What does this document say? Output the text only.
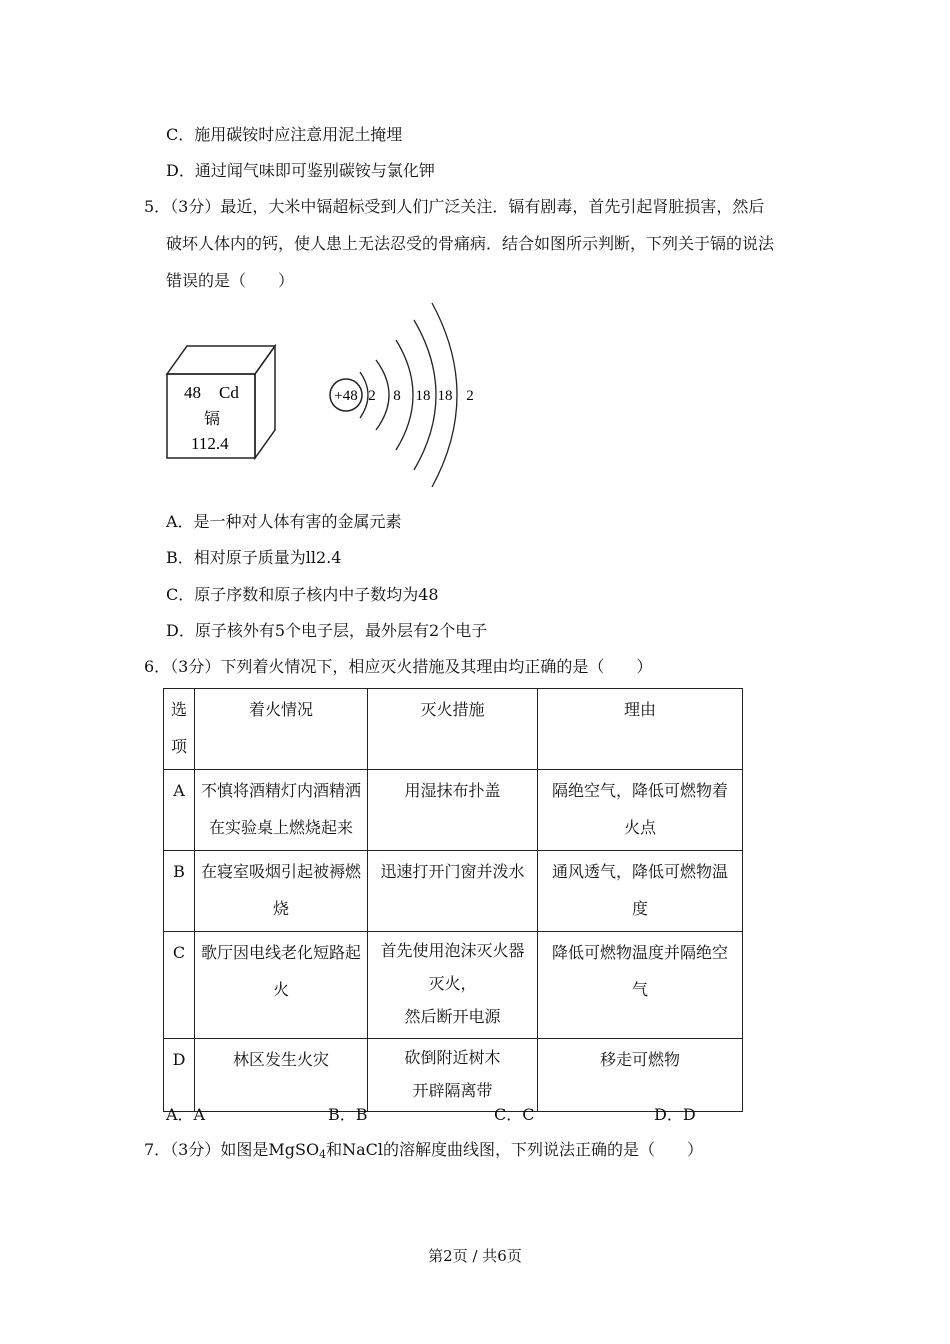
C．施用碳铵时应注意用泥土掩埋
D．通过闻气味即可鉴别碳铵与氯化钾
5．（3分）最近，大米中镉超标受到人们广泛关注．镉有剧毒，首先引起肾脏损害，然后
破坏人体内的钙，使人患上无法忍受的骨痛病．结合如图所示判断，下列关于镉的说法
错误的是（　　）
48 Cd
镉
112.4
+48 2 8 18 18 2
A．是一种对人体有害的金属元素
B．相对原子质量为ll2.4
C．原子序数和原子核内中子数均为48
D．原子核外有5个电子层，最外层有2个电子
6．（3分）下列着火情况下，相应灭火措施及其理由均正确的是（　　）
选
项	着火情况	灭火措施	理由

A	不慎将酒精灯内酒精洒
在实验桌上燃烧起来	用湿抹布扑盖	隔绝空气，降低可燃物着
火点

B	在寝室吸烟引起被褥燃
烧	迅速打开门窗并泼水	通风透气，降低可燃物温
度

C	歌厅因电线老化短路起
火	首先使用泡沫灭火器
灭火，
然后断开电源	降低可燃物温度并隔绝空
气

D	林区发生火灾	砍倒附近树木
开辟隔离带	移走可燃物
A．A	B．B	C．C	D．D
7．（3分）如图是MgSO$_4$和NaCl的溶解度曲线图，下列说法正确的是（　　）
第2页 / 共6页
